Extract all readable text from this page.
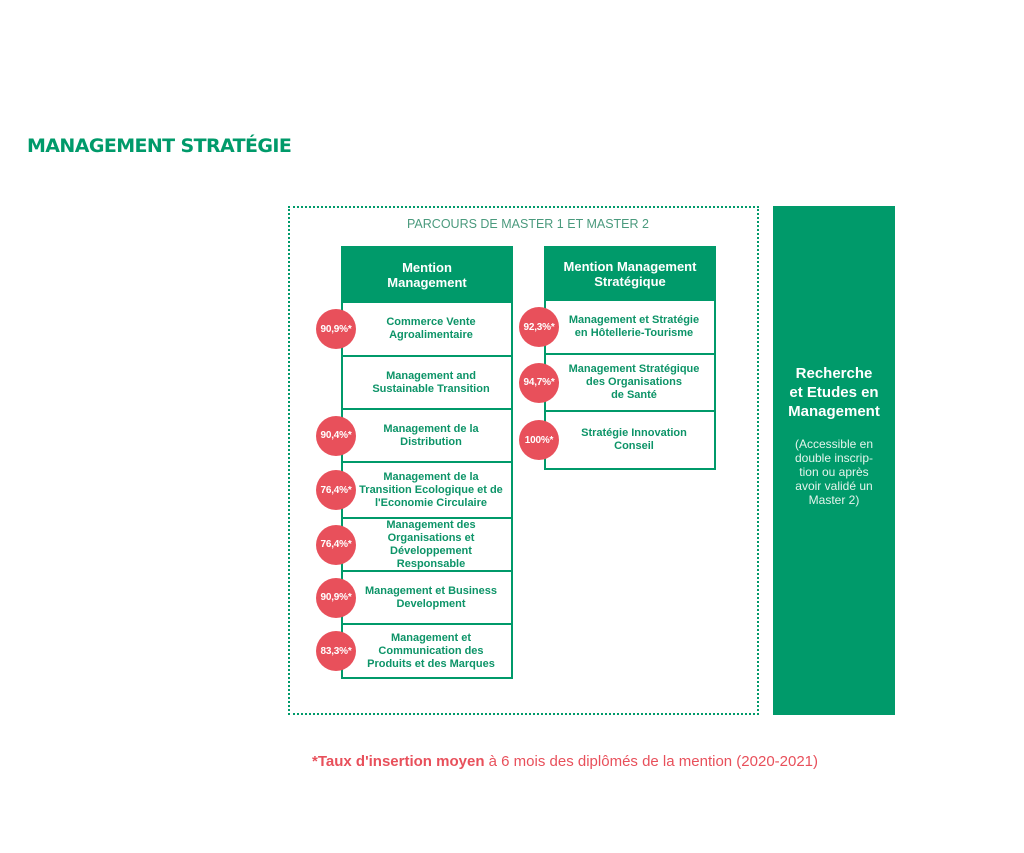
MANAGEMENT STRATÉGIE
PARCOURS DE MASTER 1 ET MASTER 2
Mention
Management
Commerce Vente
Agroalimentaire
90,9%*
Management and
Sustainable Transition
Management de la
Distribution
90,4%*
Management de la
Transition Ecologique et de
l'Economie Circulaire
76,4%*
Management des
Organisations et
Développement Responsable
76,4%*
Management et Business
Development
90,9%*
Management et
Communication des
Produits et des Marques
83,3%*
Mention Management
Stratégique
Management et Stratégie
en Hôtellerie-Tourisme
92,3%*
Management Stratégique
des Organisations
de Santé
94,7%*
Stratégie Innovation
Conseil
100%*
Recherche
et Etudes en
Management
(Accessible en
double inscrip-
tion ou après
avoir validé un
Master 2)
*Taux d'insertion moyen à 6 mois des diplômés de la mention (2020-2021)
